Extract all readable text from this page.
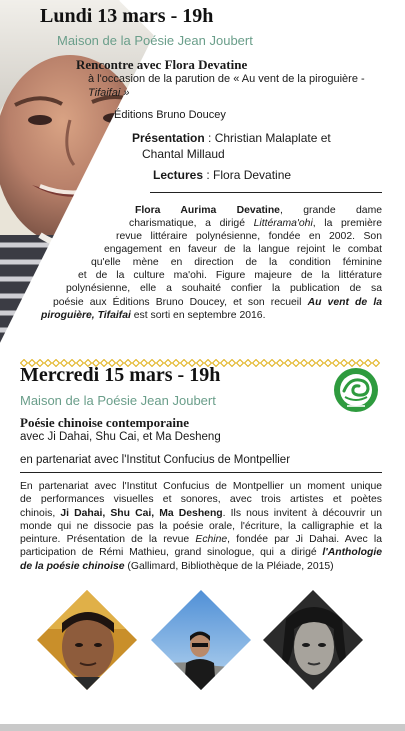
Lundi 13 mars - 19h
Maison de la Poésie Jean Joubert
Rencontre avec Flora Devatine
à l'occasion de la parution de « Au vent de la piroguière -
Tifaifai »
Éditions Bruno Doucey
Présentation : Christian Malaplate et
Chantal Millaud
Lectures : Flora Devatine
Flora Aurima Devatine, grande dame
charismatique, a dirigé Littérama'ohi, la première
revue littéraire polynésienne, fondée en 2002. Son
engagement en faveur de la langue rejoint le combat
qu'elle mène en direction de la condition féminine
et de la culture ma'ohi. Figure majeure de la littérature
polynésienne, elle a souhaité confier la publication de sa
poésie aux Éditions Bruno Doucey, et son recueil Au vent de la
piroguière, Tifaifai est sorti en septembre 2016.
Mercredi 15 mars - 19h
Maison de la Poésie Jean Joubert
Poésie chinoise contemporaine
avec Ji Dahai, Shu Cai, et Ma Desheng
en partenariat avec l'Institut Confucius de Montpellier
En partenariat avec l'Institut Confucius de Montpellier un moment unique
de performances visuelles et sonores, avec trois artistes et poètes
chinois, Ji Dahai, Shu Cai, Ma Desheng. Ils nous invitent à découvrir un
monde qui ne dissocie pas la poésie orale, l'écriture, la calligraphie et la
peinture. Présentation de la revue Echine, fondée par Ji Dahai. Avec la
participation de Rémi Mathieu, grand sinologue, qui a dirigé l'Anthologie
de la poésie chinoise (Gallimard, Bibliothèque de la Pléiade, 2015)
